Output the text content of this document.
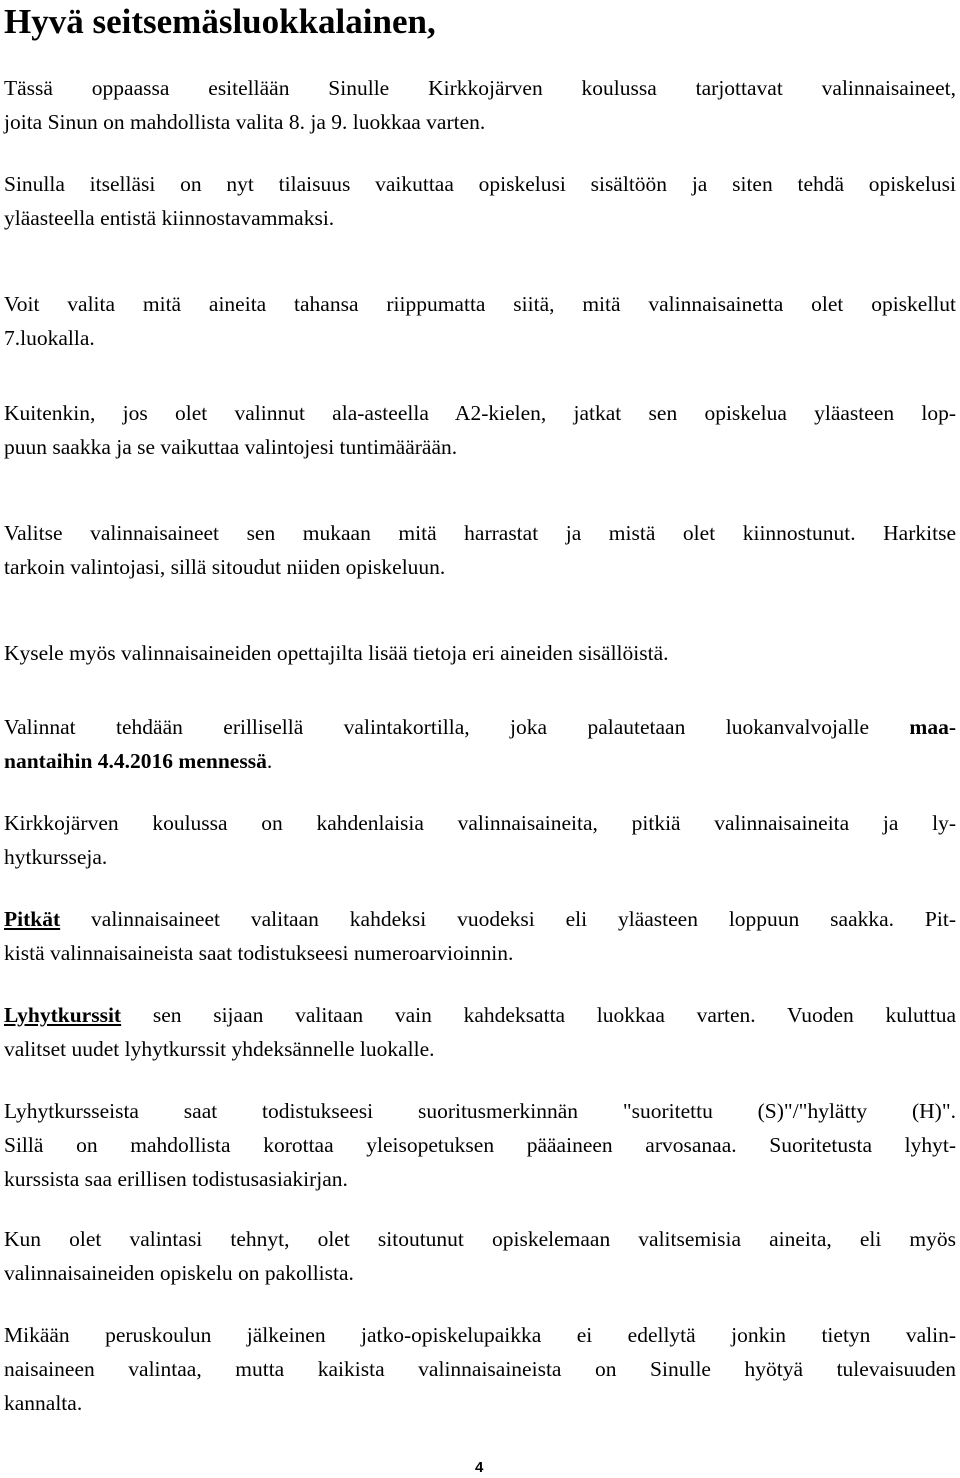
Hyvä seitsemäsluokkalainen,
Tässä oppaassa esitellään Sinulle Kirkkojärven koulussa tarjottavat valinnaisaineet,
joita Sinun on mahdollista valita 8. ja 9. luokkaa varten.
Sinulla itselläsi on nyt tilaisuus vaikuttaa opiskelusi sisältöön ja siten tehdä opiskelusi
yläasteella entistä kiinnostavammaksi.
Voit valita mitä aineita tahansa riippumatta siitä, mitä valinnaisainetta olet opiskellut
7.luokalla.
Kuitenkin, jos olet valinnut ala-asteella A2-kielen, jatkat sen opiskelua yläasteen lop-
puun saakka ja se vaikuttaa valintojesi tuntimäärään.
Valitse valinnaisaineet sen mukaan mitä harrastat ja mistä olet kiinnostunut. Harkitse
tarkoin valintojasi, sillä sitoudut niiden opiskeluun.
Kysele myös valinnaisaineiden opettajilta lisää tietoja eri aineiden sisällöistä.
Valinnat tehdään erillisellä valintakortilla, joka palautetaan luokanvalvojalle maa-
nantaihin 4.4.2016 mennessä.
Kirkkojärven koulussa on kahdenlaisia valinnaisaineita, pitkiä valinnaisaineita ja ly-
hytkursseja.
Pitkät valinnaisaineet valitaan kahdeksi vuodeksi eli yläasteen loppuun saakka. Pit-
kistä valinnaisaineista saat todistukseesi numeroarvioinnin.
Lyhytkurssit sen sijaan valitaan vain kahdeksatta luokkaa varten. Vuoden kuluttua
valitset uudet lyhytkurssit yhdeksännelle luokalle.
Lyhytkursseista saat todistukseesi suoritusmerkinnän "suoritettu (S)"/"hylätty (H)".
Sillä on mahdollista korottaa yleisopetuksen pääaineen arvosanaa. Suoritetusta lyhyt-
kurssista saa erillisen todistusasiakirjan.
Kun olet valintasi tehnyt, olet sitoutunut opiskelemaan valitsemisia aineita, eli myös
valinnaisaineiden opiskelu on pakollista.
Mikään peruskoulun jälkeinen jatko-opiskelupaikka ei edellytä jonkin tietyn valin-
naisaineen valintaa, mutta kaikista valinnaisaineista on Sinulle hyötyä tulevaisuuden
kannalta.
4
